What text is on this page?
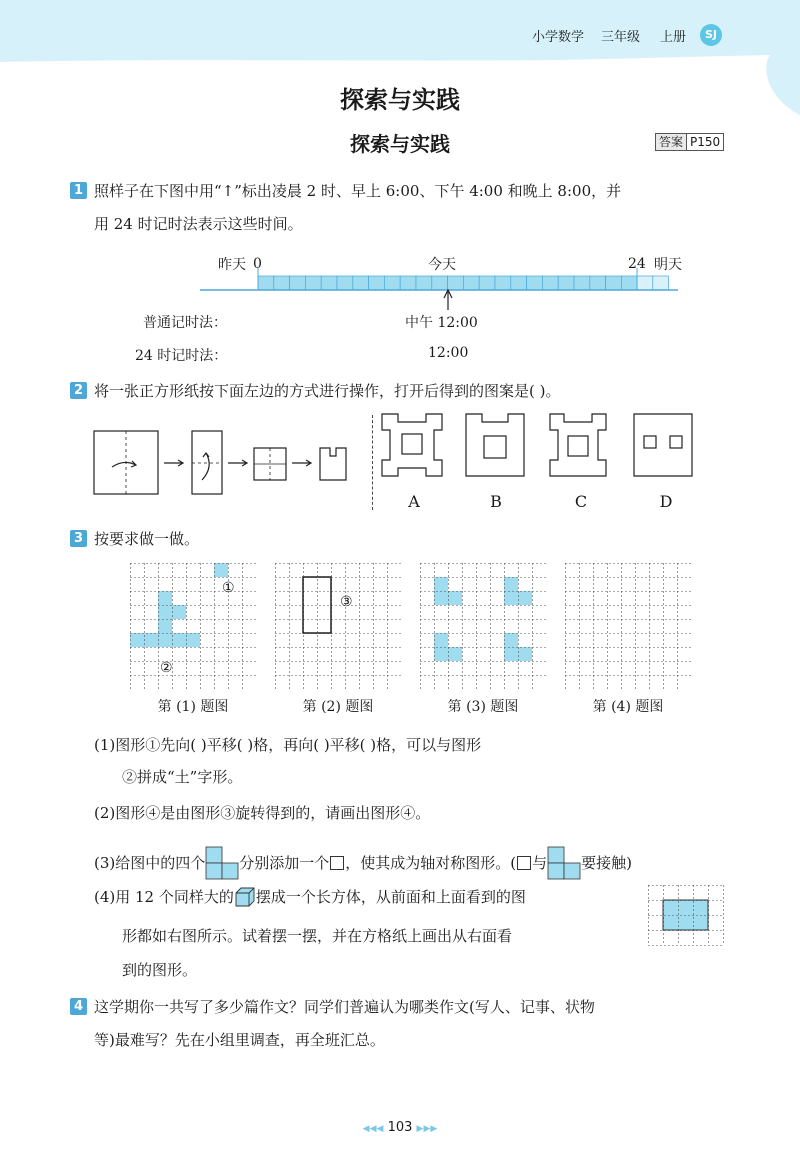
小学数学 三年级 上册	SJ
探索与实践
探索与实践	答案 P150
1 照样子在下图中用“↑”标出凌晨 2 时、早上 6:00、下午 4:00 和晚上 8:00，并
用 24 时记时法表示这些时间。
昨天	今天	明天
0	24
普通记时法：	中午 12:00
24 时记时法：	12:00
2 将一张正方形纸按下面左边的方式进行操作，打开后得到的图案是( )。
A	B	C	D
3 按要求做一做。
①
②
③
第 (1) 题图	第 (2) 题图	第 (3) 题图	第 (4) 题图
(1)图形①先向( )平移( )格，再向( )平移( )格，可以与图形
②拼成“土”字形。
(2)图形④是由图形③旋转得到的，请画出图形④。
(3)给图中的四个 分别添加一个 ，使其成为轴对称图形。( 与 要接触)
(4)用 12 个同样大的 摆成一个长方体，从前面和上面看到的图
形都如右图所示。试着摆一摆，并在方格纸上画出从右面看
到的图形。
4 这学期你一共写了多少篇作文？同学们普遍认为哪类作文(写人、记事、状物
等)最难写？先在小组里调查，再全班汇总。
◀◀◀ 103 ▶▶▶
